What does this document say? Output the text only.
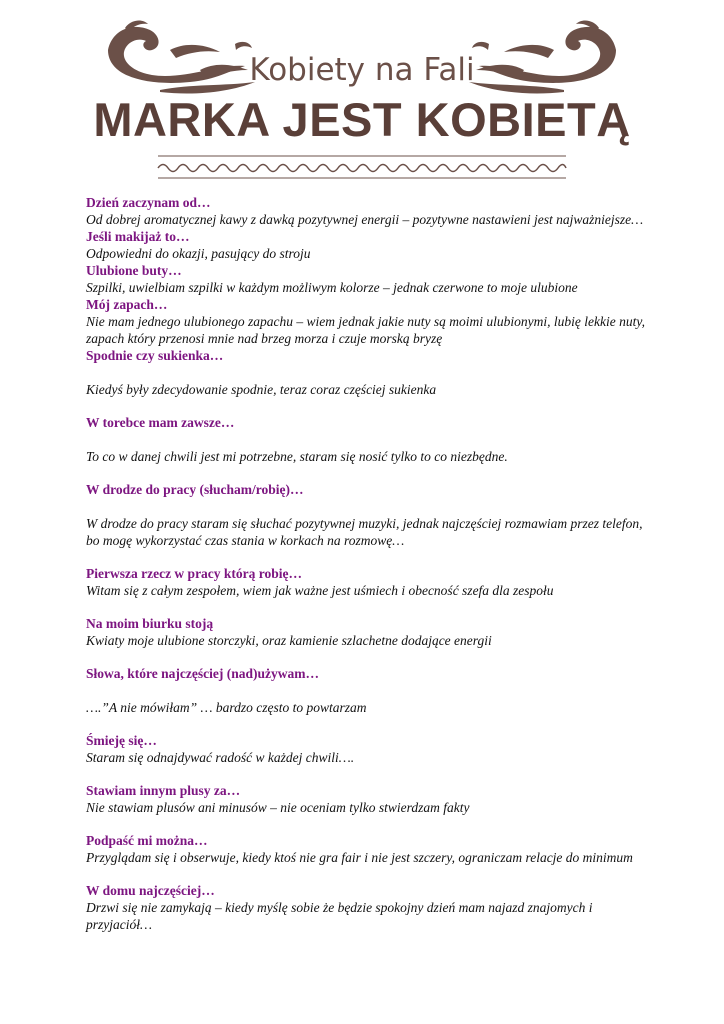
Kobiety na Fali
MARKA JEST KOBIETĄ
Dzień zaczynam od…
Od dobrej aromatycznej kawy z dawką pozytywnej energii – pozytywne nastawieni jest najważniejsze…
Jeśli makijaż to…
Odpowiedni do okazji, pasujący do stroju
Ulubione buty…
Szpilki, uwielbiam szpilki w każdym możliwym kolorze – jednak czerwone to moje ulubione
Mój zapach…
Nie mam jednego ulubionego zapachu – wiem jednak jakie nuty są moimi ulubionymi, lubię lekkie nuty, zapach który przenosi mnie nad brzeg morza i czuje morską bryzę
Spodnie czy sukienka…
Kiedyś były zdecydowanie spodnie, teraz coraz częściej sukienka
W torebce mam zawsze…
To co w danej chwili jest mi potrzebne, staram się nosić tylko to co niezbędne.
W drodze do pracy (słucham/robię)…
W drodze do pracy staram się słuchać pozytywnej muzyki, jednak najczęściej rozmawiam przez telefon, bo mogę wykorzystać czas stania w korkach na rozmowę…
Pierwsza rzecz w pracy którą robię…
Witam się z całym zespołem, wiem jak ważne jest uśmiech i obecność szefa dla zespołu
Na moim biurku stoją
Kwiaty moje ulubione storczyki, oraz kamienie szlachetne dodające energii
Słowa, które najczęściej (nad)używam…
….”A nie mówiłam” … bardzo często to powtarzam
Śmieję się…
Staram się odnajdywać radość w każdej chwili….
Stawiam innym plusy za…
Nie stawiam plusów ani minusów – nie oceniam tylko stwierdzam fakty
Podpaść mi można…
Przyglądam się i obserwuje, kiedy ktoś nie gra fair i nie jest szczery, ograniczam relacje do minimum
W domu najczęściej…
Drzwi się nie zamykają – kiedy myślę sobie że będzie spokojny dzień mam najazd znajomych i przyjaciół…
